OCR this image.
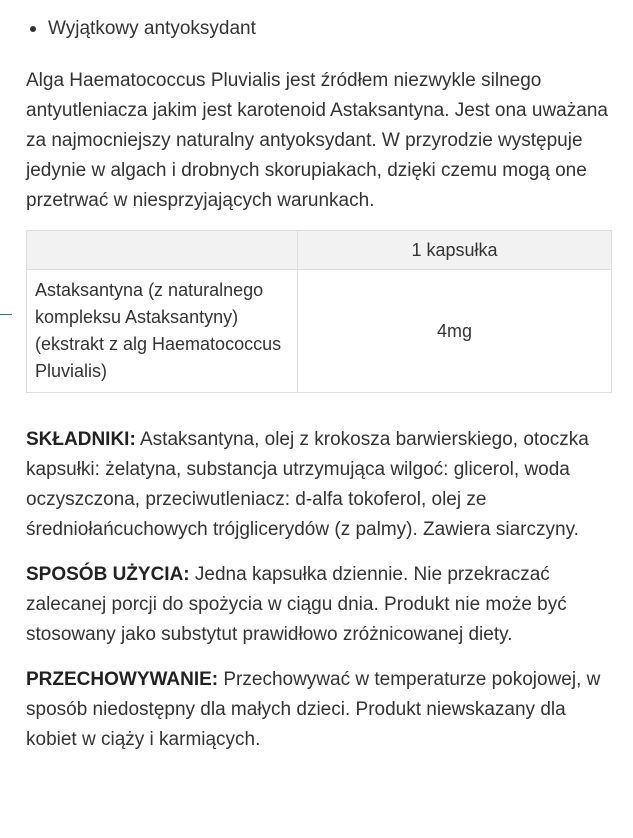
Wyjątkowy antyoksydant

Alga Haematococcus Pluvialis jest źródłem niezwykle silnego antyutleniacza jakim jest karotenoid Astaksantyna. Jest ona uważana za najmocniejszy naturalny antyoksydant. W przyrodzie występuje jedynie w algach i drobnych skorupiakach, dzięki czemu mogą one przetrwać w niesprzyjających warunkach.

	1 kapsułka
Astaksantyna (z naturalnego kompleksu Astaksantyny) (ekstrakt z alg Haematococcus Pluvialis)	4mg

SKŁADNIKI: Astaksantyna, olej z krokosza barwierskiego, otoczka kapsułki: żelatyna, substancja utrzymująca wilgoć: glicerol, woda oczyszczona, przeciwutleniacz: d-alfa tokoferol, olej ze średniołańcuchowych trójglicerydów (z palmy). Zawiera siarczyny.

SPOSÓB UŻYCIA: Jedna kapsułka dziennie. Nie przekraczać zalecanej porcji do spożycia w ciągu dnia. Produkt nie może być stosowany jako substytut prawidłowo zróżnicowanej diety.

PRZECHOWYWANIE: Przechowywać w temperaturze pokojowej, w sposób niedostępny dla małych dzieci. Produkt niewskazany dla kobiet w ciąży i karmiących.
